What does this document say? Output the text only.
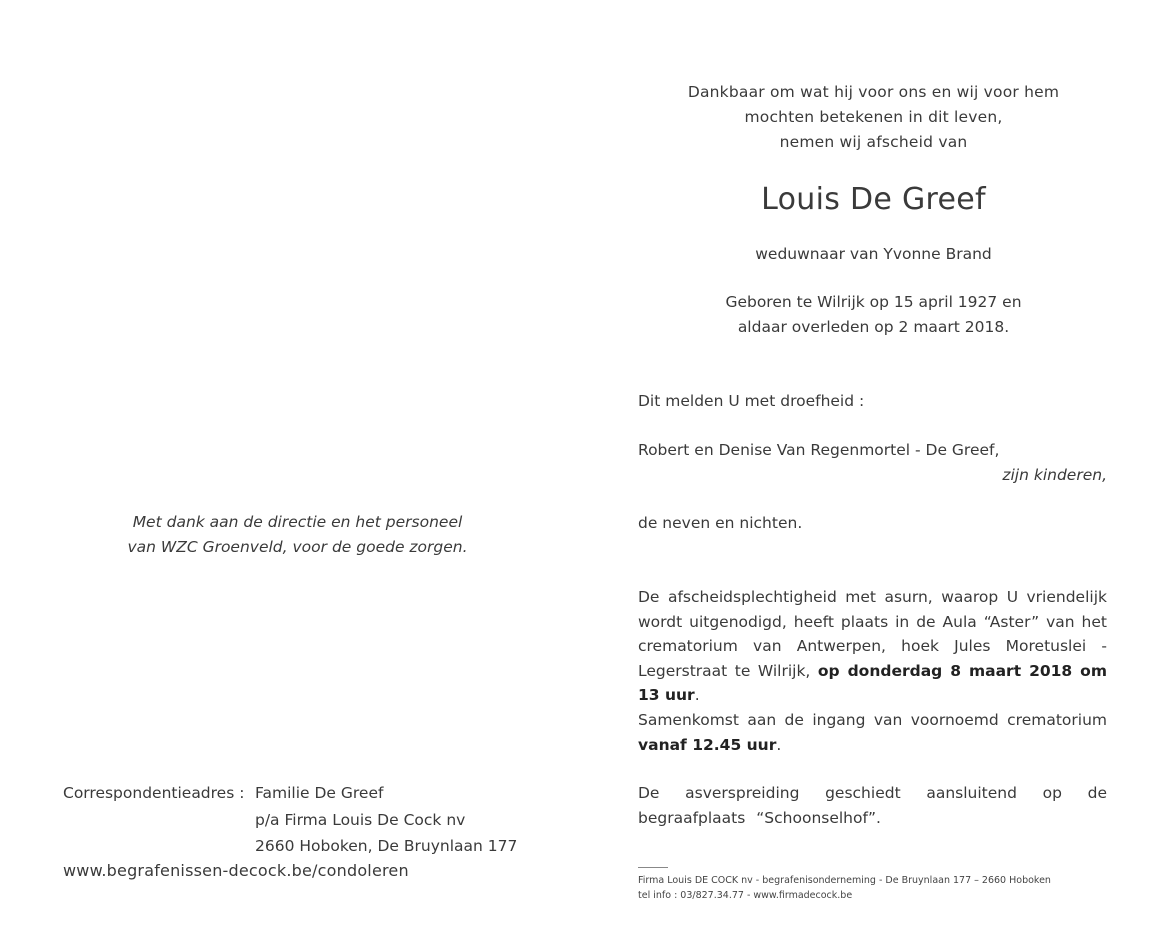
Dankbaar om wat hij voor ons en wij voor hem
mochten betekenen in dit leven,
nemen wij afscheid van
Louis De Greef
weduwnaar van Yvonne Brand
Geboren te Wilrijk op 15 april 1927 en
aldaar overleden op 2 maart 2018.
Dit melden U met droefheid :
Robert en Denise Van Regenmortel - De Greef,
zijn kinderen,
de neven en nichten.
De afscheidsplechtigheid met asurn, waarop U vriendelijk wordt uitgenodigd, heeft plaats in de Aula “Aster” van het crematorium van Antwerpen, hoek Jules Moretuslei - Legerstraat te Wilrijk, op donderdag 8 maart 2018 om 13 uur.
Samenkomst aan de ingang van voornoemd crematorium vanaf 12.45 uur.
De asverspreiding geschiedt aansluitend op de begraafplaats “Schoonselhof”.
Met dank aan de directie en het personeel
van WZC Groenveld, voor de goede zorgen.
Correspondentieadres : Familie De Greef
p/a Firma Louis De Cock nv
2660 Hoboken, De Bruynlaan 177
www.begrafenissen-decock.be/condoleren
Firma Louis DE COCK nv - begrafenisonderneming - De Bruynlaan 177 – 2660 Hoboken
tel info : 03/827.34.77 - www.firmadecock.be
